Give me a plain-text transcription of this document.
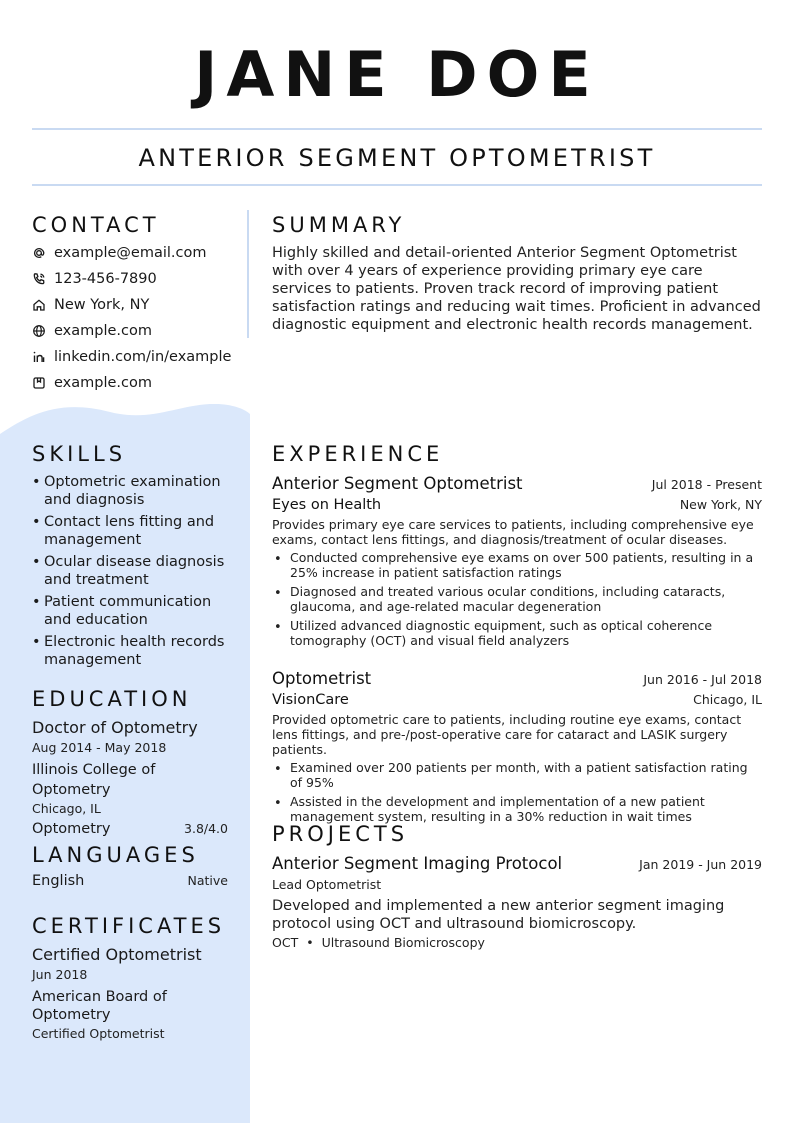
JANE DOE
ANTERIOR SEGMENT OPTOMETRIST
CONTACT
example@email.com
123-456-7890
New York, NY
example.com
linkedin.com/in/example
example.com
SKILLS
• Optometric examination and diagnosis
• Contact lens fitting and management
• Ocular disease diagnosis and treatment
• Patient communication and education
• Electronic health records management
EDUCATION
Doctor of Optometry
Aug 2014 - May 2018
Illinois College of Optometry
Chicago, IL
Optometry	3.8/4.0
LANGUAGES
English	Native
CERTIFICATES
Certified Optometrist
Jun 2018
American Board of Optometry
Certified Optometrist
SUMMARY
Highly skilled and detail-oriented Anterior Segment Optometrist with over 4 years of experience providing primary eye care services to patients. Proven track record of improving patient satisfaction ratings and reducing wait times. Proficient in advanced diagnostic equipment and electronic health records management.
EXPERIENCE
Anterior Segment Optometrist	Jul 2018 - Present
Eyes on Health	New York, NY
Provides primary eye care services to patients, including comprehensive eye exams, contact lens fittings, and diagnosis/treatment of ocular diseases.
• Conducted comprehensive eye exams on over 500 patients, resulting in a 25% increase in patient satisfaction ratings
• Diagnosed and treated various ocular conditions, including cataracts, glaucoma, and age-related macular degeneration
• Utilized advanced diagnostic equipment, such as optical coherence tomography (OCT) and visual field analyzers
Optometrist	Jun 2016 - Jul 2018
VisionCare	Chicago, IL
Provided optometric care to patients, including routine eye exams, contact lens fittings, and pre-/post-operative care for cataract and LASIK surgery patients.
• Examined over 200 patients per month, with a patient satisfaction rating of 95%
• Assisted in the development and implementation of a new patient management system, resulting in a 30% reduction in wait times
PROJECTS
Anterior Segment Imaging Protocol	Jan 2019 - Jun 2019
Lead Optometrist
Developed and implemented a new anterior segment imaging protocol using OCT and ultrasound biomicroscopy.
OCT • Ultrasound Biomicroscopy
